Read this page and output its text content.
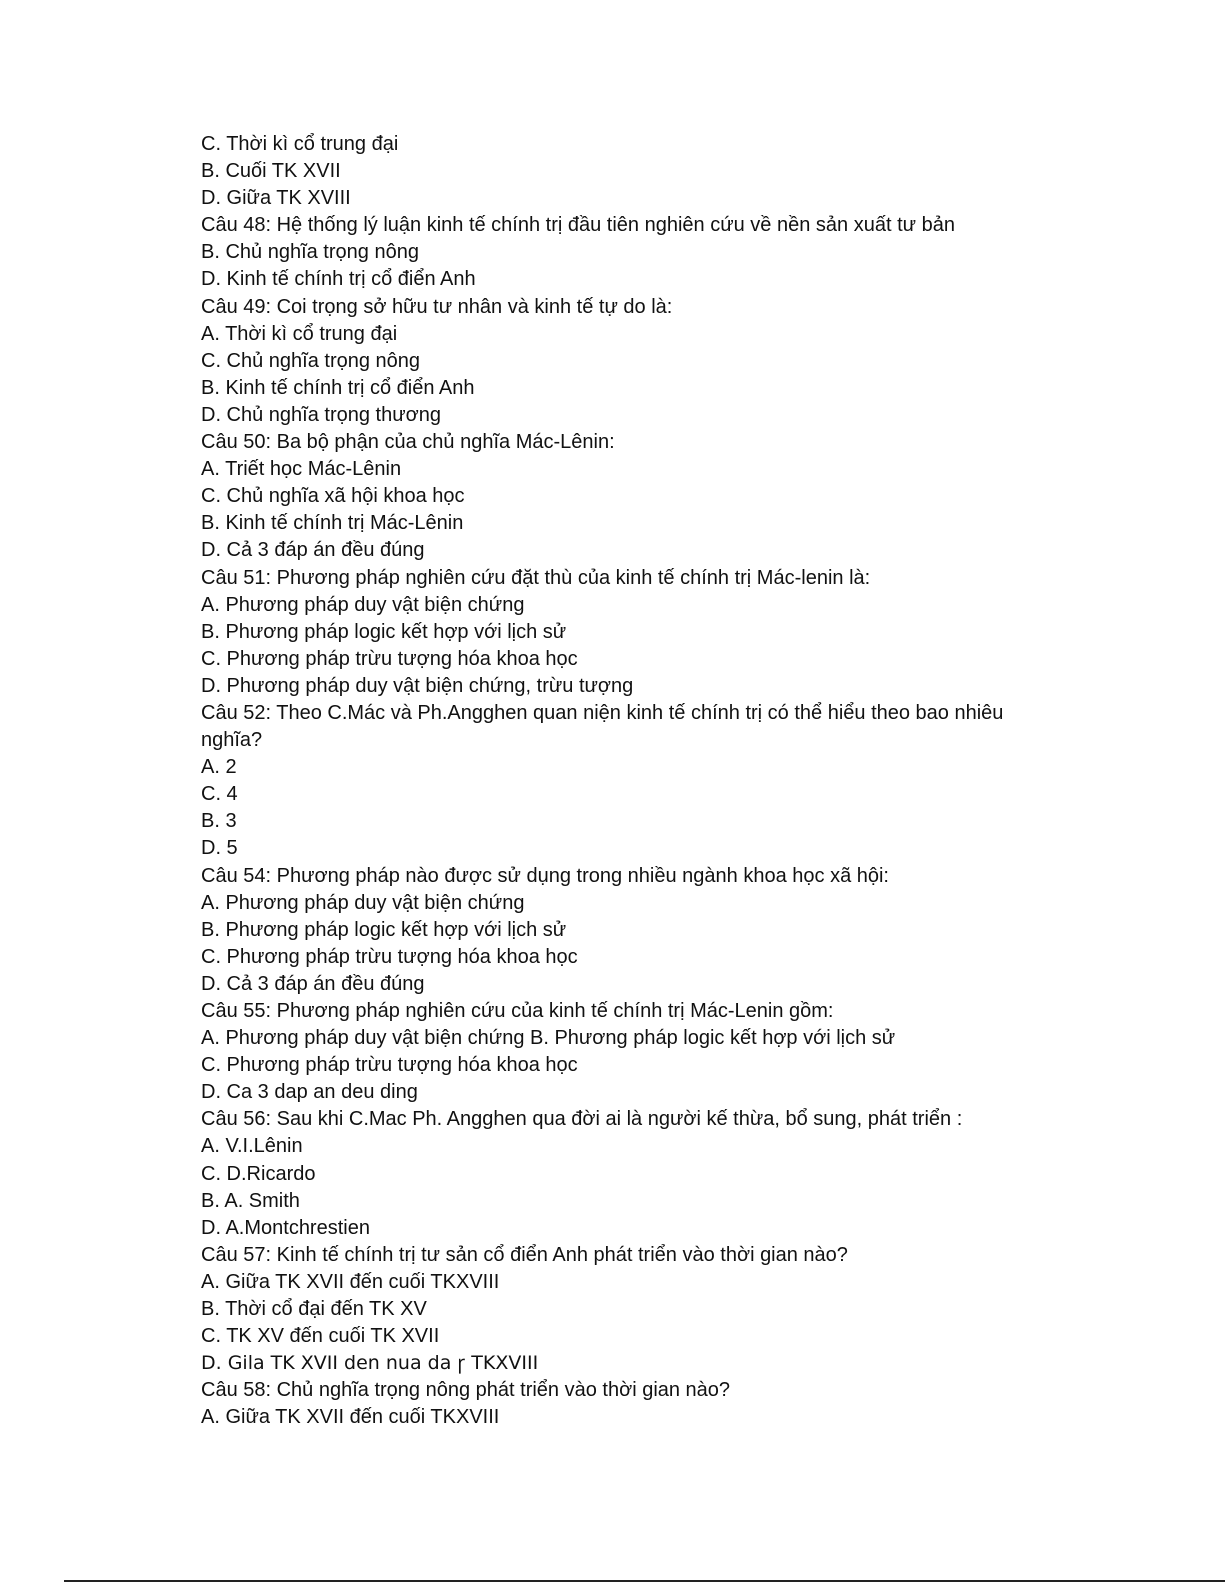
C. Thời kì cổ trung đại
B. Cuối TK XVII
D. Giữa TK XVIII
Câu 48: Hệ thống lý luận kinh tế chính trị đầu tiên nghiên cứu về nền sản xuất tư bản
B. Chủ nghĩa trọng nông
D. Kinh tế chính trị cổ điển Anh
Câu 49: Coi trọng sở hữu tư nhân và kinh tế tự do là:
A. Thời kì cổ trung đại
C. Chủ nghĩa trọng nông
B. Kinh tế chính trị cổ điển Anh
D. Chủ nghĩa trọng thương
Câu 50: Ba bộ phận của chủ nghĩa Mác-Lênin:
A. Triết học Mác-Lênin
C. Chủ nghĩa xã hội khoa học
B. Kinh tế chính trị Mác-Lênin
D. Cả 3 đáp án đều đúng
Câu 51: Phương pháp nghiên cứu đặt thù của kinh tế chính trị Mác-lenin là:
A. Phương pháp duy vật biện chứng
B. Phương pháp logic kết hợp với lịch sử
C. Phương pháp trừu tượng hóa khoa học
D. Phương pháp duy vật biện chứng, trừu tượng
Câu 52: Theo C.Mác và Ph.Angghen quan niện kinh tế chính trị có thể hiểu theo bao nhiêu nghĩa?
A. 2
C. 4
B. 3
D. 5
Câu 54: Phương pháp nào được sử dụng trong nhiều ngành khoa học xã hội:
A. Phương pháp duy vật biện chứng
B. Phương pháp logic kết hợp với lịch sử
C. Phương pháp trừu tượng hóa khoa học
D. Cả 3 đáp án đều đúng
Câu 55: Phương pháp nghiên cứu của kinh tế chính trị Mác-Lenin gồm:
A. Phương pháp duy vật biện chứng B. Phương pháp logic kết hợp với lịch sử
C. Phương pháp trừu tượng hóa khoa học
D. Ca 3 dap an deu ding
Câu 56: Sau khi C.Mac Ph. Angghen qua đời ai là người kế thừa, bổ sung, phát triển :
A. V.I.Lênin
C. D.Ricardo
B. A. Smith
D. A.Montchrestien
Câu 57: Kinh tế chính trị tư sản cổ điển Anh phát triển vào thời gian nào?
A. Giữa TK XVII đến cuối TKXVIII
B. Thời cổ đại đến TK XV
C. TK XV đến cuối TK XVII
D. Gila TK XVII den nua da ꞅ TKXVIII
Câu 58: Chủ nghĩa trọng nông phát triển vào thời gian nào?
A. Giữa TK XVII đến cuối TKXVIII
